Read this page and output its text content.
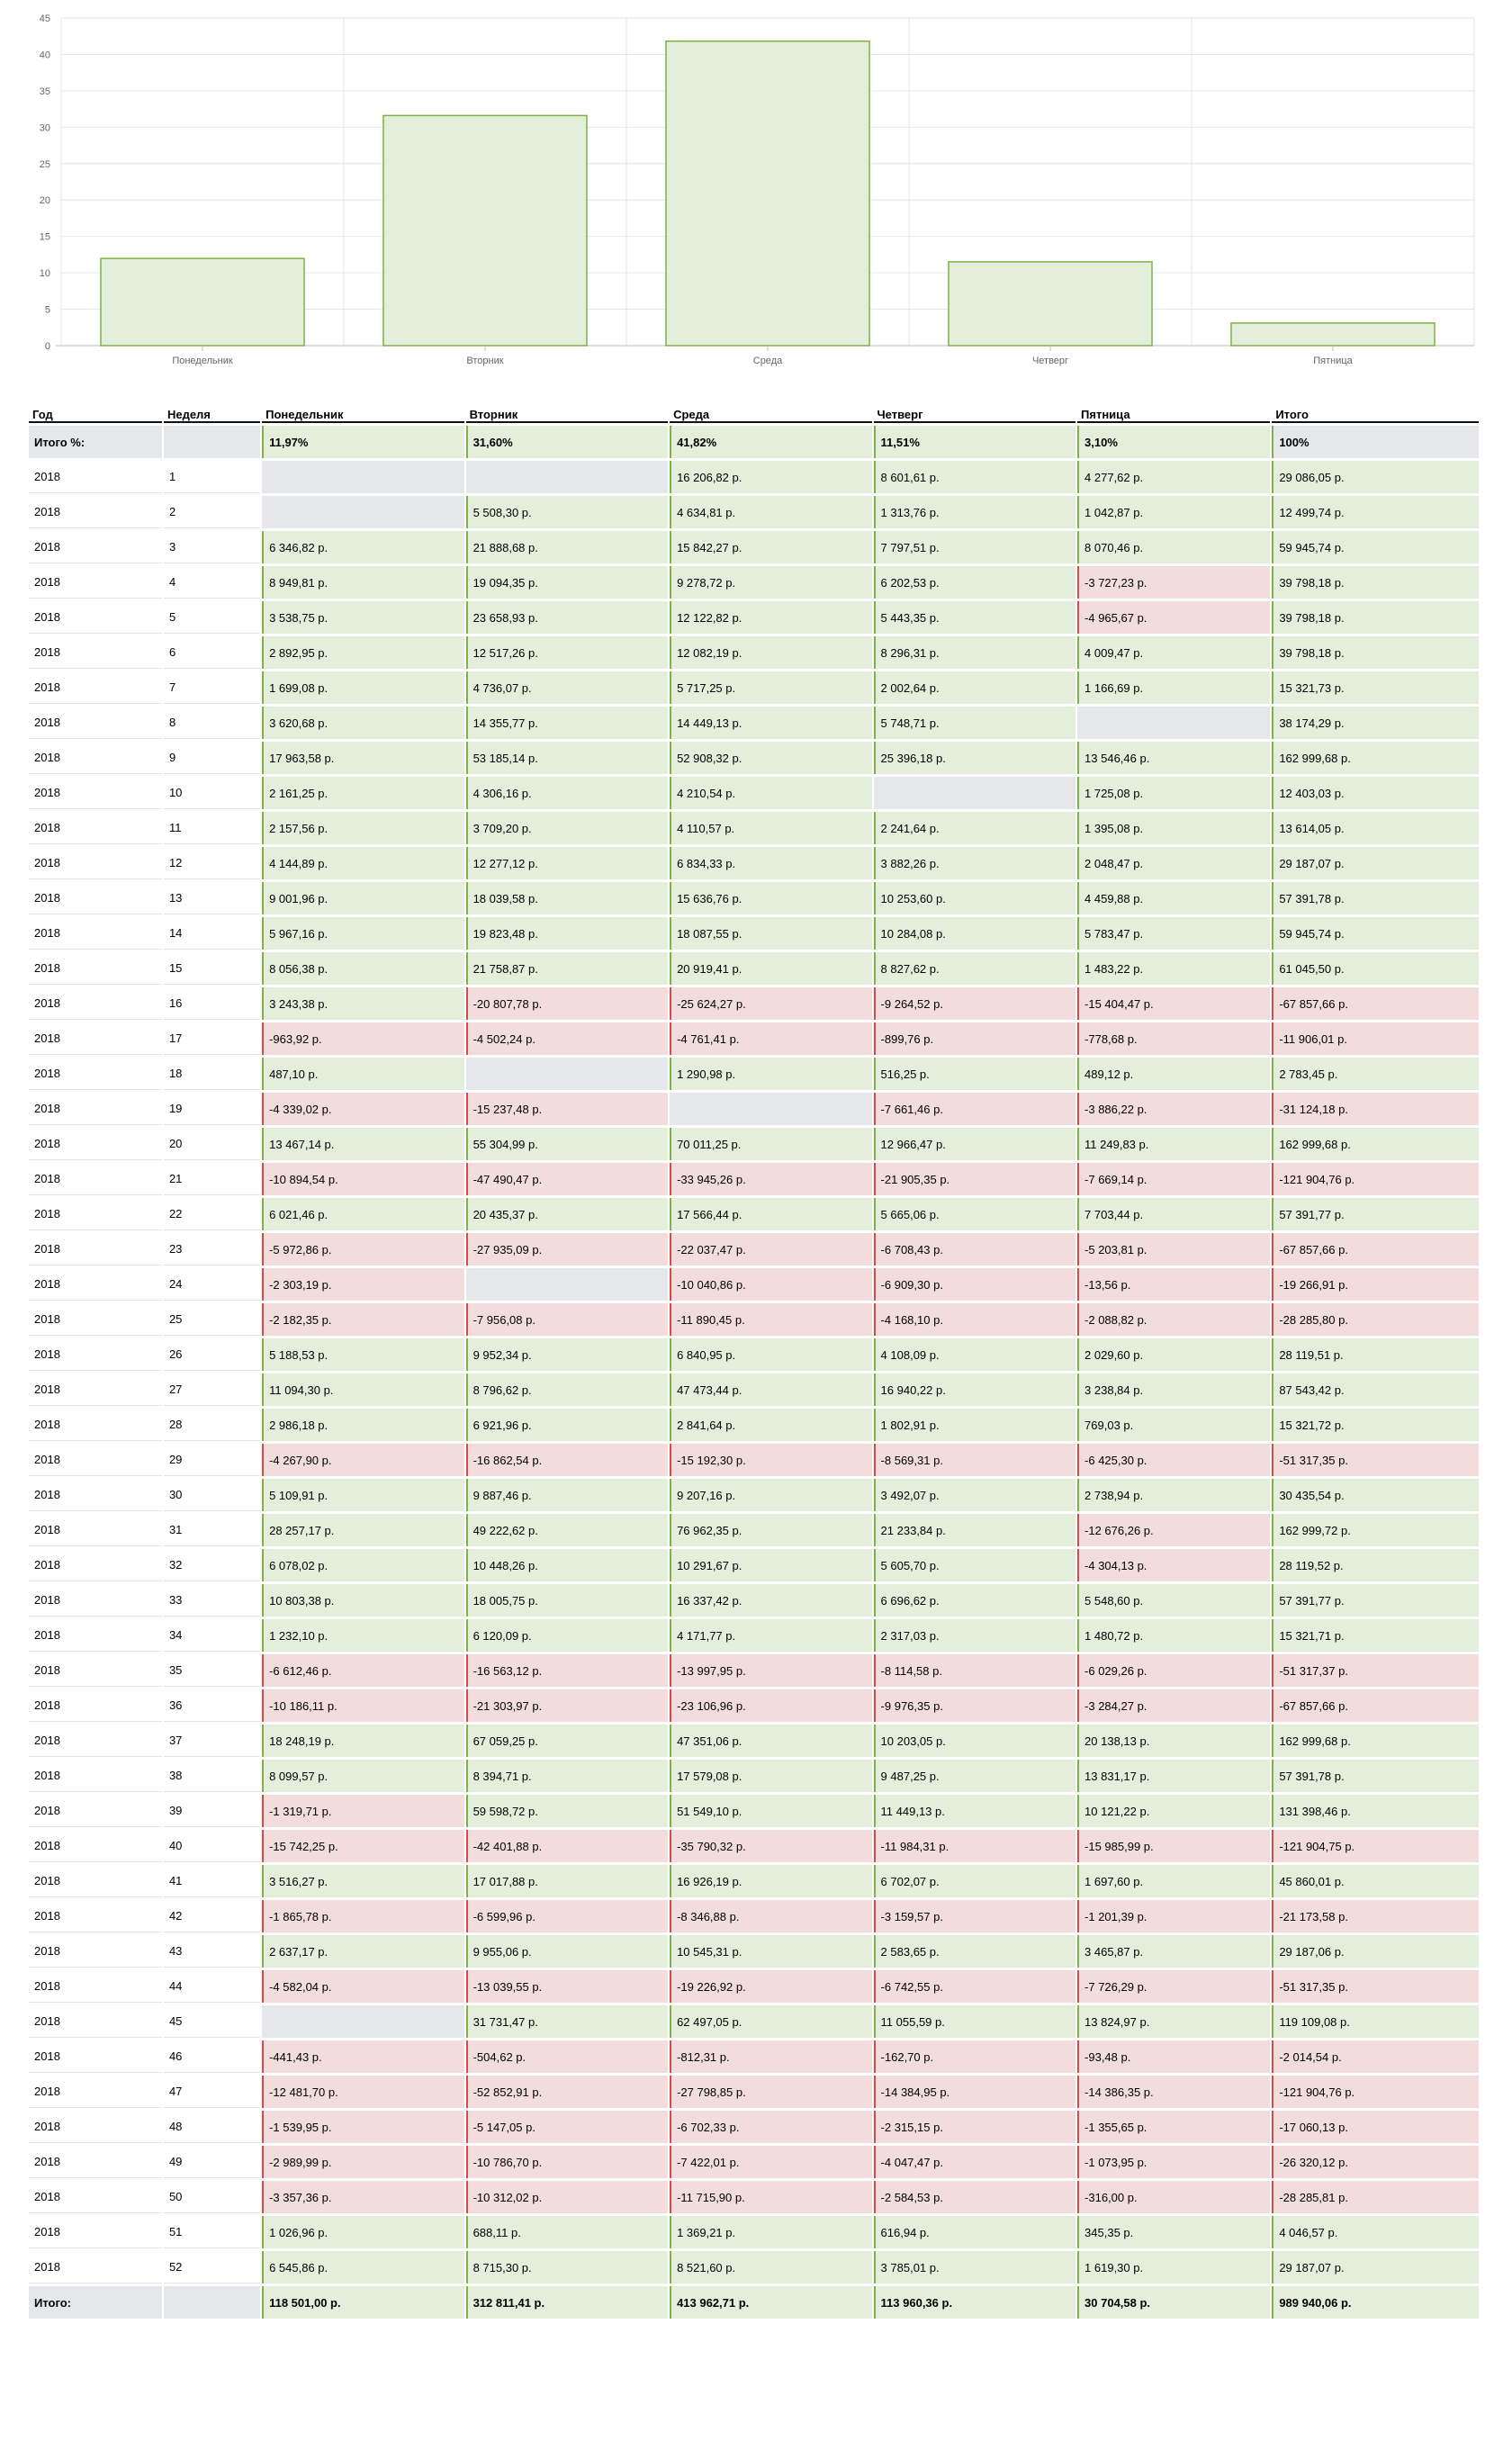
0
5
10
15
20
25
30
35
40
45
Понедельник	Вторник	Среда	Четверг	Пятница
Год	Неделя	Понедельник	Вторник	Среда	Четверг	Пятница	Итого
Итого %:		11,97%	31,60%	41,82%	11,51%	3,10%	100%
2018	1			16 206,82 р.	8 601,61 р.	4 277,62 р.	29 086,05 р.
2018	2		5 508,30 р.	4 634,81 р.	1 313,76 р.	1 042,87 р.	12 499,74 р.
2018	3	6 346,82 р.	21 888,68 р.	15 842,27 р.	7 797,51 р.	8 070,46 р.	59 945,74 р.
2018	4	8 949,81 р.	19 094,35 р.	9 278,72 р.	6 202,53 р.	-3 727,23 р.	39 798,18 р.
2018	5	3 538,75 р.	23 658,93 р.	12 122,82 р.	5 443,35 р.	-4 965,67 р.	39 798,18 р.
2018	6	2 892,95 р.	12 517,26 р.	12 082,19 р.	8 296,31 р.	4 009,47 р.	39 798,18 р.
2018	7	1 699,08 р.	4 736,07 р.	5 717,25 р.	2 002,64 р.	1 166,69 р.	15 321,73 р.
2018	8	3 620,68 р.	14 355,77 р.	14 449,13 р.	5 748,71 р.		38 174,29 р.
2018	9	17 963,58 р.	53 185,14 р.	52 908,32 р.	25 396,18 р.	13 546,46 р.	162 999,68 р.
2018	10	2 161,25 р.	4 306,16 р.	4 210,54 р.		1 725,08 р.	12 403,03 р.
2018	11	2 157,56 р.	3 709,20 р.	4 110,57 р.	2 241,64 р.	1 395,08 р.	13 614,05 р.
2018	12	4 144,89 р.	12 277,12 р.	6 834,33 р.	3 882,26 р.	2 048,47 р.	29 187,07 р.
2018	13	9 001,96 р.	18 039,58 р.	15 636,76 р.	10 253,60 р.	4 459,88 р.	57 391,78 р.
2018	14	5 967,16 р.	19 823,48 р.	18 087,55 р.	10 284,08 р.	5 783,47 р.	59 945,74 р.
2018	15	8 056,38 р.	21 758,87 р.	20 919,41 р.	8 827,62 р.	1 483,22 р.	61 045,50 р.
2018	16	3 243,38 р.	-20 807,78 р.	-25 624,27 р.	-9 264,52 р.	-15 404,47 р.	-67 857,66 р.
2018	17	-963,92 р.	-4 502,24 р.	-4 761,41 р.	-899,76 р.	-778,68 р.	-11 906,01 р.
2018	18	487,10 р.		1 290,98 р.	516,25 р.	489,12 р.	2 783,45 р.
2018	19	-4 339,02 р.	-15 237,48 р.		-7 661,46 р.	-3 886,22 р.	-31 124,18 р.
2018	20	13 467,14 р.	55 304,99 р.	70 011,25 р.	12 966,47 р.	11 249,83 р.	162 999,68 р.
2018	21	-10 894,54 р.	-47 490,47 р.	-33 945,26 р.	-21 905,35 р.	-7 669,14 р.	-121 904,76 р.
2018	22	6 021,46 р.	20 435,37 р.	17 566,44 р.	5 665,06 р.	7 703,44 р.	57 391,77 р.
2018	23	-5 972,86 р.	-27 935,09 р.	-22 037,47 р.	-6 708,43 р.	-5 203,81 р.	-67 857,66 р.
2018	24	-2 303,19 р.		-10 040,86 р.	-6 909,30 р.	-13,56 р.	-19 266,91 р.
2018	25	-2 182,35 р.	-7 956,08 р.	-11 890,45 р.	-4 168,10 р.	-2 088,82 р.	-28 285,80 р.
2018	26	5 188,53 р.	9 952,34 р.	6 840,95 р.	4 108,09 р.	2 029,60 р.	28 119,51 р.
2018	27	11 094,30 р.	8 796,62 р.	47 473,44 р.	16 940,22 р.	3 238,84 р.	87 543,42 р.
2018	28	2 986,18 р.	6 921,96 р.	2 841,64 р.	1 802,91 р.	769,03 р.	15 321,72 р.
2018	29	-4 267,90 р.	-16 862,54 р.	-15 192,30 р.	-8 569,31 р.	-6 425,30 р.	-51 317,35 р.
2018	30	5 109,91 р.	9 887,46 р.	9 207,16 р.	3 492,07 р.	2 738,94 р.	30 435,54 р.
2018	31	28 257,17 р.	49 222,62 р.	76 962,35 р.	21 233,84 р.	-12 676,26 р.	162 999,72 р.
2018	32	6 078,02 р.	10 448,26 р.	10 291,67 р.	5 605,70 р.	-4 304,13 р.	28 119,52 р.
2018	33	10 803,38 р.	18 005,75 р.	16 337,42 р.	6 696,62 р.	5 548,60 р.	57 391,77 р.
2018	34	1 232,10 р.	6 120,09 р.	4 171,77 р.	2 317,03 р.	1 480,72 р.	15 321,71 р.
2018	35	-6 612,46 р.	-16 563,12 р.	-13 997,95 р.	-8 114,58 р.	-6 029,26 р.	-51 317,37 р.
2018	36	-10 186,11 р.	-21 303,97 р.	-23 106,96 р.	-9 976,35 р.	-3 284,27 р.	-67 857,66 р.
2018	37	18 248,19 р.	67 059,25 р.	47 351,06 р.	10 203,05 р.	20 138,13 р.	162 999,68 р.
2018	38	8 099,57 р.	8 394,71 р.	17 579,08 р.	9 487,25 р.	13 831,17 р.	57 391,78 р.
2018	39	-1 319,71 р.	59 598,72 р.	51 549,10 р.	11 449,13 р.	10 121,22 р.	131 398,46 р.
2018	40	-15 742,25 р.	-42 401,88 р.	-35 790,32 р.	-11 984,31 р.	-15 985,99 р.	-121 904,75 р.
2018	41	3 516,27 р.	17 017,88 р.	16 926,19 р.	6 702,07 р.	1 697,60 р.	45 860,01 р.
2018	42	-1 865,78 р.	-6 599,96 р.	-8 346,88 р.	-3 159,57 р.	-1 201,39 р.	-21 173,58 р.
2018	43	2 637,17 р.	9 955,06 р.	10 545,31 р.	2 583,65 р.	3 465,87 р.	29 187,06 р.
2018	44	-4 582,04 р.	-13 039,55 р.	-19 226,92 р.	-6 742,55 р.	-7 726,29 р.	-51 317,35 р.
2018	45		31 731,47 р.	62 497,05 р.	11 055,59 р.	13 824,97 р.	119 109,08 р.
2018	46	-441,43 р.	-504,62 р.	-812,31 р.	-162,70 р.	-93,48 р.	-2 014,54 р.
2018	47	-12 481,70 р.	-52 852,91 р.	-27 798,85 р.	-14 384,95 р.	-14 386,35 р.	-121 904,76 р.
2018	48	-1 539,95 р.	-5 147,05 р.	-6 702,33 р.	-2 315,15 р.	-1 355,65 р.	-17 060,13 р.
2018	49	-2 989,99 р.	-10 786,70 р.	-7 422,01 р.	-4 047,47 р.	-1 073,95 р.	-26 320,12 р.
2018	50	-3 357,36 р.	-10 312,02 р.	-11 715,90 р.	-2 584,53 р.	-316,00 р.	-28 285,81 р.
2018	51	1 026,96 р.	688,11 р.	1 369,21 р.	616,94 р.	345,35 р.	4 046,57 р.
2018	52	6 545,86 р.	8 715,30 р.	8 521,60 р.	3 785,01 р.	1 619,30 р.	29 187,07 р.
Итого:		118 501,00 р.	312 811,41 р.	413 962,71 р.	113 960,36 р.	30 704,58 р.	989 940,06 р.
